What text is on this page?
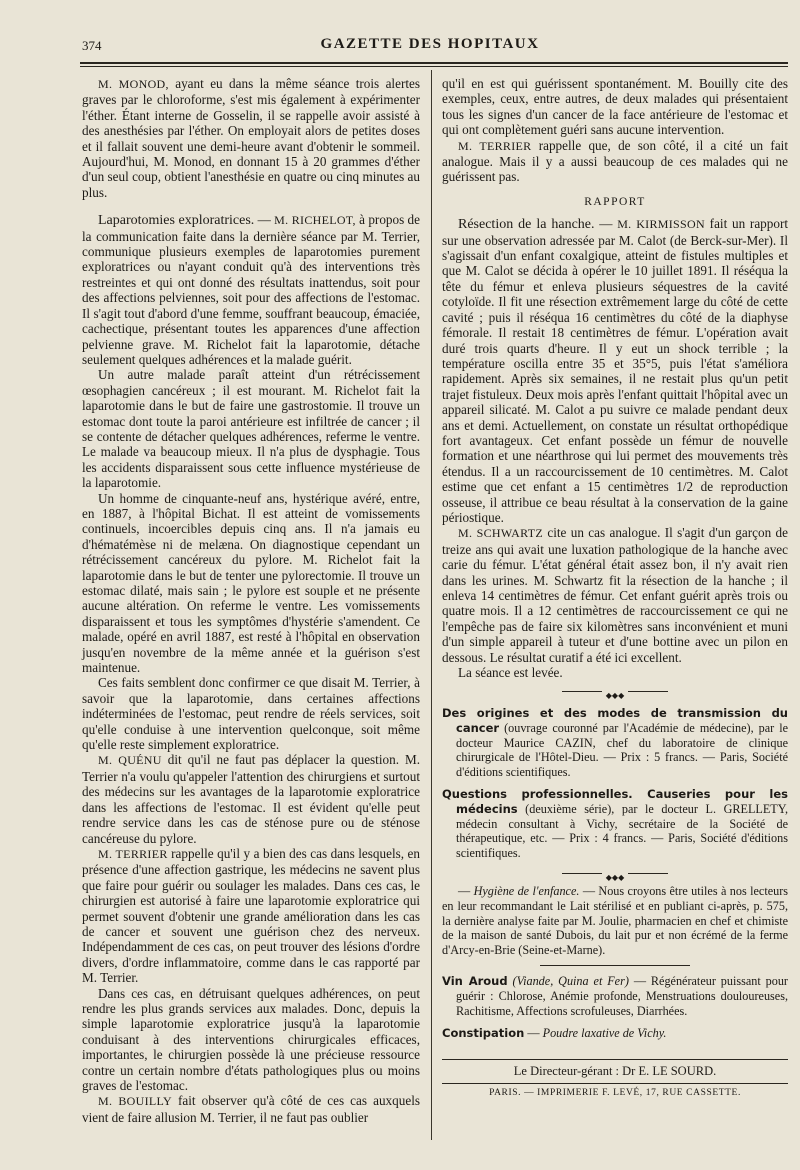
374	GAZETTE DES HOPITAUX

M. MONOD, ayant eu dans la même séance trois alertes graves par le chloroforme, s'est mis également à expérimenter l'éther. Étant interne de Gosselin, il se rappelle avoir assisté à des anesthésies par l'éther. On employait alors de petites doses et il fallait souvent une demi-heure avant d'obtenir le sommeil. Aujourd'hui, M. Monod, en donnant 15 à 20 grammes d'éther d'un seul coup, obtient l'anesthésie en quatre ou cinq minutes au plus.

Laparotomies exploratrices. — M. RICHELOT, à propos de la communication faite dans la dernière séance par M. Terrier, communique plusieurs exemples de laparotomies purement exploratrices ou n'ayant conduit qu'à des interventions très restreintes et qui ont donné des résultats inattendus, soit pour des affections pelviennes, soit pour des affections de l'estomac. Il s'agit tout d'abord d'une femme, souffrant beaucoup, émaciée, cachectique, présentant toutes les apparences d'une affection pelvienne grave. M. Richelot fait la laparotomie, détache seulement quelques adhérences et la malade guérit.

Un autre malade paraît atteint d'un rétrécissement œsophagien cancéreux ; il est mourant. M. Richelot fait la laparotomie dans le but de faire une gastrostomie. Il trouve un estomac dont toute la paroi antérieure est infiltrée de cancer ; il se contente de détacher quelques adhérences, referme le ventre. Le malade va beaucoup mieux. Il n'a plus de dysphagie. Tous les accidents disparaissent sous cette influence mystérieuse de la laparotomie.

Un homme de cinquante-neuf ans, hystérique avéré, entre, en 1887, à l'hôpital Bichat. Il est atteint de vomissements continuels, incoercibles depuis cinq ans. Il n'a jamais eu d'hématémèse ni de melæna. On diagnostique cependant un rétrécissement cancéreux du pylore. M. Richelot fait la laparotomie dans le but de tenter une pylorectomie. Il trouve un estomac dilaté, mais sain ; le pylore est souple et ne présente aucune altération. On referme le ventre. Les vomissements disparaissent et tous les symptômes d'hystérie s'amendent. Ce malade, opéré en avril 1887, est resté à l'hôpital en observation jusqu'en novembre de la même année et la guérison s'est maintenue.

Ces faits semblent donc confirmer ce que disait M. Terrier, à savoir que la laparotomie, dans certaines affections indéterminées de l'estomac, peut rendre de réels services, soit qu'elle conduise à une intervention quelconque, soit même qu'elle reste simplement exploratrice.

M. QUÉNU dit qu'il ne faut pas déplacer la question. M. Terrier n'a voulu qu'appeler l'attention des chirurgiens et surtout des médecins sur les avantages de la laparotomie exploratrice dans les affections de l'estomac. Il est évident qu'elle peut rendre service dans les cas de sténose pure ou de sténose cancéreuse du pylore.

M. TERRIER rappelle qu'il y a bien des cas dans lesquels, en présence d'une affection gastrique, les médecins ne savent plus que faire pour guérir ou soulager les malades. Dans ces cas, le chirurgien est autorisé à faire une laparotomie exploratrice qui permet souvent d'obtenir une grande amélioration dans les cas de cancer et souvent une guérison chez des nerveux. Indépendamment de ces cas, on peut trouver des lésions d'ordre divers, d'ordre inflammatoire, comme dans le cas rapporté par M. Terrier.

Dans ces cas, en détruisant quelques adhérences, on peut rendre les plus grands services aux malades. Donc, depuis la simple laparotomie exploratrice jusqu'à la laparotomie conduisant à des interventions chirurgicales efficaces, importantes, le chirurgien possède là une précieuse ressource contre un certain nombre d'états pathologiques plus ou moins graves de l'estomac.

M. BOUILLY fait observer qu'à côté de ces cas auxquels vient de faire allusion M. Terrier, il ne faut pas oublier

qu'il en est qui guérissent spontanément. M. Bouilly cite des exemples, ceux, entre autres, de deux malades qui présentaient tous les signes d'un cancer de la face antérieure de l'estomac et qui ont complètement guéri sans aucune intervention.

M. TERRIER rappelle que, de son côté, il a cité un fait analogue. Mais il y a aussi beaucoup de ces malades qui ne guérissent pas.

RAPPORT

Résection de la hanche. — M. KIRMISSON fait un rapport sur une observation adressée par M. Calot (de Berck-sur-Mer). Il s'agissait d'un enfant coxalgique, atteint de fistules multiples et que M. Calot se décida à opérer le 10 juillet 1891. Il réséqua la tête du fémur et enleva plusieurs séquestres de la cavité cotyloïde. Il fit une résection extrêmement large du côté de cette cavité ; puis il réséqua 16 centimètres du côté de la diaphyse fémorale. Il restait 18 centimètres de fémur. L'opération avait duré trois quarts d'heure. Il y eut un shock terrible ; la température oscilla entre 35 et 35°5, puis l'état s'améliora rapidement. Après six semaines, il ne restait plus qu'un petit trajet fistuleux. Deux mois après l'enfant quittait l'hôpital avec un appareil silicaté. M. Calot a pu suivre ce malade pendant deux ans et demi. Actuellement, on constate un résultat orthopédique fort avantageux. Cet enfant possède un fémur de nouvelle formation et une néarthrose qui lui permet des mouvements très étendus. Il a un raccourcissement de 10 centimètres. M. Calot estime que cet enfant a 15 centimètres 1/2 de reproduction osseuse, il attribue ce beau résultat à la conservation de la gaine périostique.

M. SCHWARTZ cite un cas analogue. Il s'agit d'un garçon de treize ans qui avait une luxation pathologique de la hanche avec carie du fémur. L'état général était assez bon, il n'y avait rien dans les urines. M. Schwartz fit la résection de la hanche ; il enleva 14 centimètres de fémur. Cet enfant guérit après trois ou quatre mois. Il a 12 centimètres de raccourcissement ce qui ne l'empêche pas de faire six kilomètres sans inconvénient et muni d'un simple appareil à tuteur et d'une bottine avec un pilon en dessous. Le résultat curatif a été ici excellent.

La séance est levée.

◆◆◆

Des origines et des modes de transmission du cancer (ouvrage couronné par l'Académie de médecine), par le docteur Maurice CAZIN, chef du laboratoire de clinique chirurgicale de l'Hôtel-Dieu. — Prix : 5 francs. — Paris, Société d'éditions scientifiques.

Questions professionnelles. Causeries pour les médecins (deuxième série), par le docteur L. GRELLETY, médecin consultant à Vichy, secrétaire de la Société de thérapeutique, etc. — Prix : 4 francs. — Paris, Société d'éditions scientifiques.

◆◆◆

— Hygiène de l'enfance. — Nous croyons être utiles à nos lecteurs en leur recommandant le Lait stérilisé et en publiant ci-après, p. 575, la dernière analyse faite par M. Joulie, pharmacien en chef et chimiste de la maison de santé Dubois, du lait pur et non écrémé de la ferme d'Arcy-en-Brie (Seine-et-Marne).

Vin Aroud (Viande, Quina et Fer) — Régénérateur puissant pour guérir : Chlorose, Anémie profonde, Menstruations douloureuses, Rachitisme, Affections scrofuleuses, Diarrhées.

Constipation — Poudre laxative de Vichy.

Le Directeur-gérant : Dr E. LE SOURD.
PARIS. — IMPRIMERIE F. LEVÉ, 17, RUE CASSETTE.
